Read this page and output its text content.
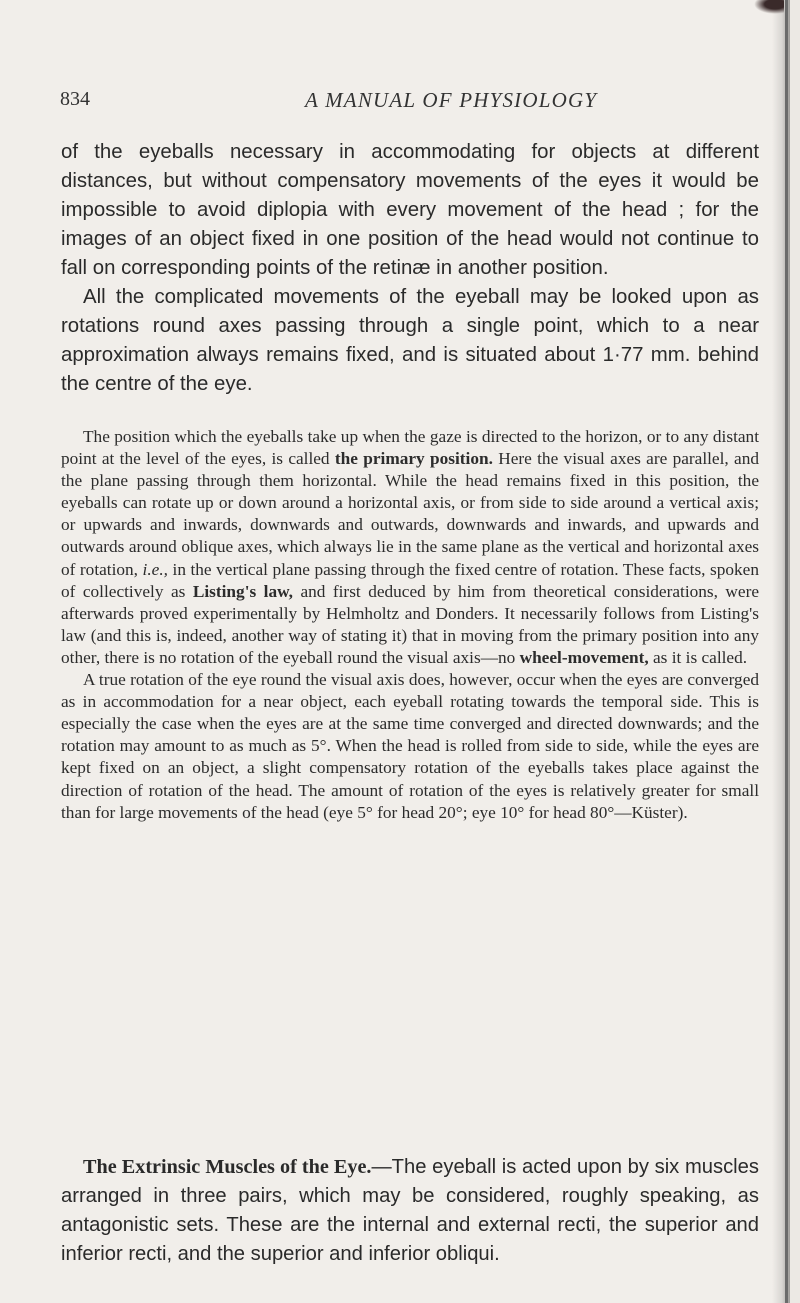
834	A MANUAL OF PHYSIOLOGY

of the eyeballs necessary in accommodating for objects at different distances, but without compensatory movements of the eyes it would be impossible to avoid diplopia with every movement of the head ; for the images of an object fixed in one position of the head would not continue to fall on corresponding points of the retinæ in another position.

All the complicated movements of the eyeball may be looked upon as rotations round axes passing through a single point, which to a near approximation always remains fixed, and is situated about 1·77 mm. behind the centre of the eye.

The position which the eyeballs take up when the gaze is directed to the horizon, or to any distant point at the level of the eyes, is called the primary position. Here the visual axes are parallel, and the plane passing through them horizontal. While the head remains fixed in this position, the eyeballs can rotate up or down around a horizontal axis, or from side to side around a vertical axis; or upwards and inwards, downwards and outwards, downwards and inwards, and upwards and outwards around oblique axes, which always lie in the same plane as the vertical and horizontal axes of rotation, i.e., in the vertical plane passing through the fixed centre of rotation. These facts, spoken of collectively as Listing's law, and first deduced by him from theoretical considerations, were afterwards proved experimentally by Helmholtz and Donders. It necessarily follows from Listing's law (and this is, indeed, another way of stating it) that in moving from the primary position into any other, there is no rotation of the eyeball round the visual axis—no wheel-movement, as it is called.

A true rotation of the eye round the visual axis does, however, occur when the eyes are converged as in accommodation for a near object, each eyeball rotating towards the temporal side. This is especially the case when the eyes are at the same time converged and directed downwards; and the rotation may amount to as much as 5°. When the head is rolled from side to side, while the eyes are kept fixed on an object, a slight compensatory rotation of the eyeballs takes place against the direction of rotation of the head. The amount of rotation of the eyes is relatively greater for small than for large movements of the head (eye 5° for head 20°; eye 10° for head 80°—Küster).

The Extrinsic Muscles of the Eye.—The eyeball is acted upon by six muscles arranged in three pairs, which may be considered, roughly speaking, as antagonistic sets. These are the internal and external recti, the superior and inferior recti, and the superior and inferior obliqui.
